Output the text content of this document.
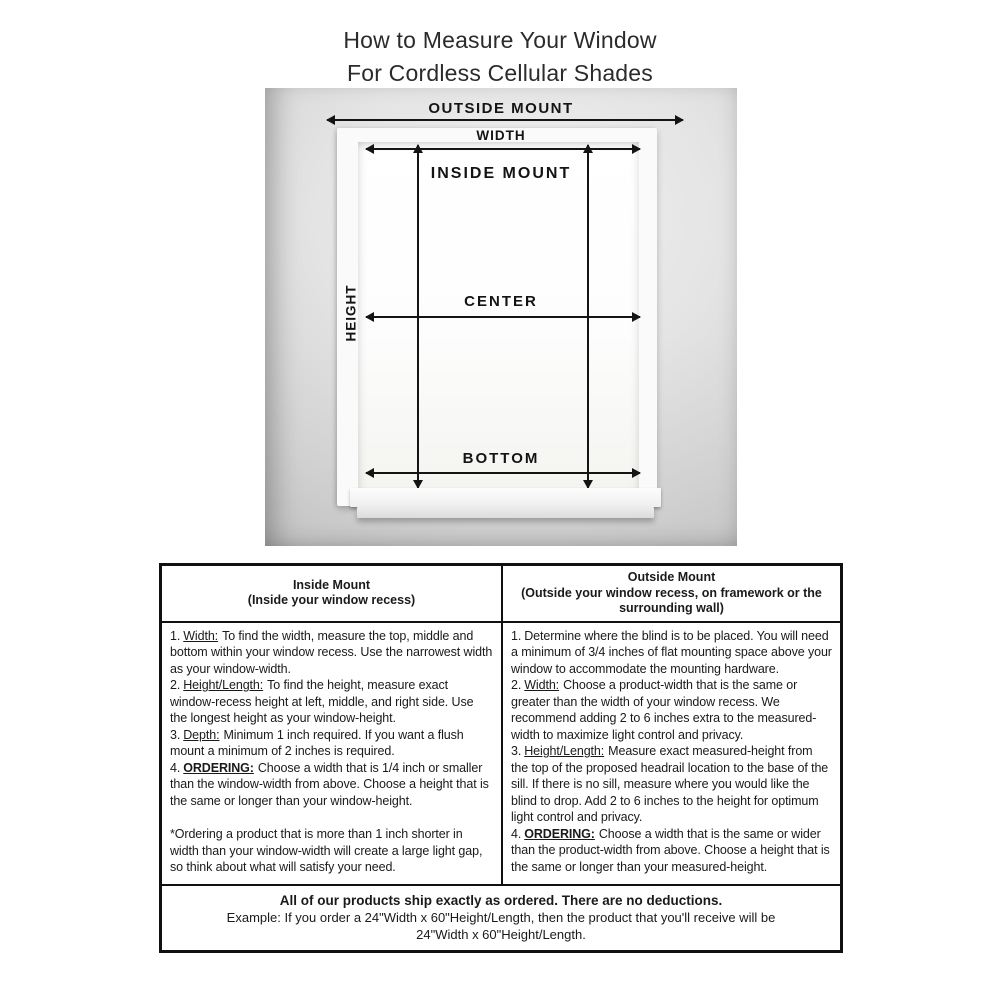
How to Measure Your Window
For Cordless Cellular Shades
OUTSIDE MOUNT
WIDTH
INSIDE MOUNT
HEIGHT	CENTER
BOTTOM
Inside Mount
(Inside your window recess)
Outside Mount
(Outside your window recess, on framework or the surrounding wall)
1. Width: To find the width, measure the top, middle and bottom within your window recess. Use the narrowest width as your window-width.
2. Height/Length: To find the height, measure exact window-recess height at left, middle, and right side. Use the longest height as your window-height.
3. Depth: Minimum 1 inch required. If you want a flush mount a minimum of 2 inches is required.
4. ORDERING: Choose a width that is 1/4 inch or smaller than the window-width from above. Choose a height that is the same or longer than your window-height.
*Ordering a product that is more than 1 inch shorter in width than your window-width will create a large light gap, so think about what will satisfy your need.
1. Determine where the blind is to be placed. You will need a minimum of 3/4 inches of flat mounting space above your window to accommodate the mounting hardware.
2. Width: Choose a product-width that is the same or greater than the width of your window recess. We recommend adding 2 to 6 inches extra to the measured-width to maximize light control and privacy.
3. Height/Length: Measure exact measured-height from the top of the proposed headrail location to the base of the sill. If there is no sill, measure where you would like the blind to drop. Add 2 to 6 inches to the height for optimum light control and privacy.
4. ORDERING: Choose a width that is the same or wider than the product-width from above. Choose a height that is the same or longer than your measured-height.
All of our products ship exactly as ordered. There are no deductions.
Example: If you order a 24"Width x 60"Height/Length, then the product that you'll receive will be
24"Width x 60"Height/Length.
